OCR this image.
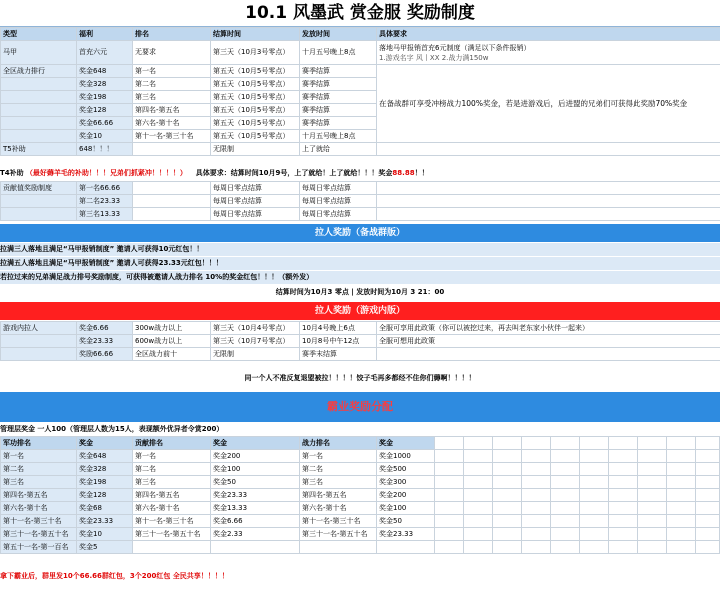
10.1 风墨武 赏金服 奖励制度
类型	福利	排名	结算时间	发放时间	具体要求
马甲	首充六元	无要求	第三天（10月3号零点）	十月五号晚上8点	落地马甲报销首充6元制度（满足以下条件报销）
1.游戏名字 风丨XX 2.战力满150w

全区战力排行	奖金648	第一名	第五天（10月5号零点）	赛季结算	在备战群可享受冲榜战力100%奖金，若是进游戏后，后进盟的兄弟们可获得此奖励70%奖金
	奖金328	第二名	第五天（10月5号零点）	赛季结算	
	奖金198	第三名	第五天（10月5号零点）	赛季结算	
	奖金128	第四名-第五名	第五天（10月5号零点）	赛季结算	
	奖金66.66	第六名-第十名	第五天（10月5号零点）	赛季结算	
	奖金10	第十一名-第三十名	第五天（10月5号零点）	十月五号晚上8点	
T5补助	648！！！		无限制	上了就给	
T4补助 （最好薅羊毛的补助！！！兄弟们抓紧冲！！！！） 具体要求：结算时间10月9号，上了就给！上了就给！！！奖金88.88！！
贡献值奖励制度	第一名66.66		每周日零点结算	每周日零点结算	
	第二名23.33		每周日零点结算	每周日零点结算	
	第三名13.33		每周日零点结算	每周日零点结算	
拉人奖励（备战群版）
拉满三人落地且满足“马甲报销制度” 邀请人可获得10元红包！！
拉满五人落地且满足“马甲报销制度” 邀请人可获得23.33元红包！！！
若拉过来的兄弟满足战力排号奖励制度，可获得被邀请人战力排名 10%的奖金红包！！！（额外发）
结算时间为10月3 零点 | 发放时间为10月 3 21：00
拉人奖励（游戏内版）
游戏内拉人	奖金6.66	300w战力以上	第三天（10月4号零点）	10月4号晚上6点	全服可享用此政策（你可以被挖过来，再去叫老东家小伙伴一起来）
	奖金23.33	600w战力以上	第三天（10月7号零点）	10月8号中午12点	全服可想用此政策
	奖励66.66	全区战力前十	无限制	赛季末结算	
同一个人不准反复退盟被拉！！！！饺子毛再多都经不住你们薅啊！！！！
霸业奖励分配
管理层奖金 一人100（管理层人数为15人，表现额外优异者令赏200）
军功排名	奖金	贡献排名	奖金	战力排名	奖金										
第一名	奖金648	第一名	奖金200	第一名	奖金1000										
第二名	奖金328	第二名	奖金100	第二名	奖金500										
第三名	奖金198	第三名	奖金50	第三名	奖金300										
第四名-第五名	奖金128	第四名-第五名	奖金23.33	第四名-第五名	奖金200										
第六名-第十名	奖金68	第六名-第十名	奖金13.33	第六名-第十名	奖金100										
第十一名-第三十名	奖金23.33	第十一名-第三十名	奖金6.66	第十一名-第三十名	奖金50										
第三十一名-第五十名	奖金10	第三十一名-第五十名	奖金2.33	第三十一名-第五十名	奖金23.33										
第五十一名-第一百名	奖金5														
拿下霸业后，群里发10个66.66群红包，3个200红包 全民共享！！！！
